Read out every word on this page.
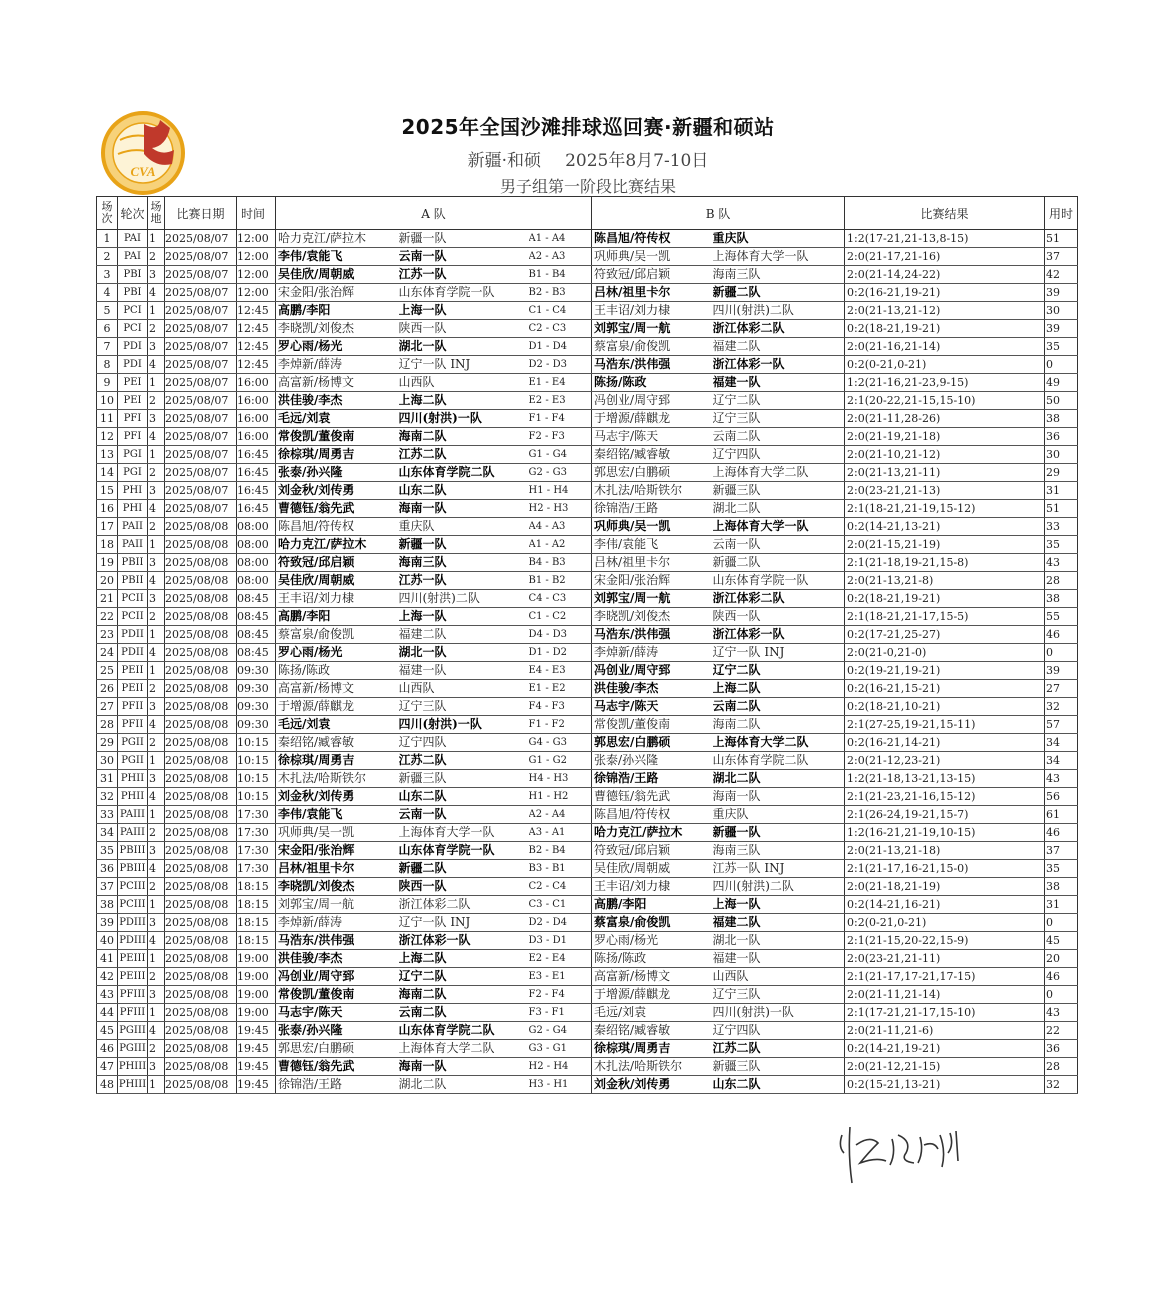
CVA
2025年全国沙滩排球巡回赛·新疆和硕站
新疆·和硕 2025年8月7-10日
男子组第一阶段比赛结果
场次	轮次	场地	比赛日期	时间	A 队			B 队		比赛结果	用时
1	PAI	1	2025/08/07	12:00	哈力克江/萨拉木	新疆一队	A1 - A4	陈昌旭/符传权	重庆队	1:2(17-21,21-13,8-15)	51
2	PAI	2	2025/08/07	12:00	李伟/袁能飞	云南一队	A2 - A3	巩师典/吴一凯	上海体育大学一队	2:0(21-17,21-16)	37
3	PBI	3	2025/08/07	12:00	吴佳欣/周朝威	江苏一队	B1 - B4	符致冠/邱启颖	海南三队	2:0(21-14,24-22)	42
4	PBI	4	2025/08/07	12:00	宋金阳/张治辉	山东体育学院一队	B2 - B3	吕林/祖里卡尔	新疆二队	0:2(16-21,19-21)	39
5	PCI	1	2025/08/07	12:45	高鹏/李阳	上海一队	C1 - C4	王丰诏/刘力棣	四川(射洪)二队	2:0(21-13,21-12)	30
6	PCI	2	2025/08/07	12:45	李晓凯/刘俊杰	陕西一队	C2 - C3	刘郭宝/周一航	浙江体彩二队	0:2(18-21,19-21)	39
7	PDI	3	2025/08/07	12:45	罗心雨/杨光	湖北一队	D1 - D4	蔡富泉/俞俊凯	福建二队	2:0(21-16,21-14)	35
8	PDI	4	2025/08/07	12:45	李焯新/薛涛	辽宁一队 INJ	D2 - D3	马浩东/洪伟强	浙江体彩一队	0:2(0-21,0-21)	0
9	PEI	1	2025/08/07	16:00	高富新/杨博文	山西队	E1 - E4	陈扬/陈政	福建一队	1:2(21-16,21-23,9-15)	49
10	PEI	2	2025/08/07	16:00	洪佳骏/李杰	上海二队	E2 - E3	冯创业/周守郅	辽宁二队	2:1(20-22,21-15,15-10)	50
11	PFI	3	2025/08/07	16:00	毛远/刘袁	四川(射洪)一队	F1 - F4	于增源/薛麒龙	辽宁三队	2:0(21-11,28-26)	38
12	PFI	4	2025/08/07	16:00	常俊凯/董俊南	海南二队	F2 - F3	马志宇/陈天	云南二队	2:0(21-19,21-18)	36
13	PGI	1	2025/08/07	16:45	徐棕琪/周勇吉	江苏二队	G1 - G4	秦绍铭/臧睿敏	辽宁四队	2:0(21-10,21-12)	30
14	PGI	2	2025/08/07	16:45	张泰/孙兴隆	山东体育学院二队	G2 - G3	郭思宏/白鹏硕	上海体育大学二队	2:0(21-13,21-11)	29
15	PHI	3	2025/08/07	16:45	刘金秋/刘传勇	山东二队	H1 - H4	木扎法/哈斯铁尔	新疆三队	2:0(23-21,21-13)	31
16	PHI	4	2025/08/07	16:45	曹德钰/翁先武	海南一队	H2 - H3	徐锦浩/王路	湖北二队	2:1(18-21,21-19,15-12)	51
17	PAII	2	2025/08/08	08:00	陈昌旭/符传权	重庆队	A4 - A3	巩师典/吴一凯	上海体育大学一队	0:2(14-21,13-21)	33
18	PAII	1	2025/08/08	08:00	哈力克江/萨拉木	新疆一队	A1 - A2	李伟/袁能飞	云南一队	2:0(21-15,21-19)	35
19	PBII	3	2025/08/08	08:00	符致冠/邱启颖	海南三队	B4 - B3	吕林/祖里卡尔	新疆二队	2:1(21-18,19-21,15-8)	43
20	PBII	4	2025/08/08	08:00	吴佳欣/周朝威	江苏一队	B1 - B2	宋金阳/张治辉	山东体育学院一队	2:0(21-13,21-8)	28
21	PCII	3	2025/08/08	08:45	王丰诏/刘力棣	四川(射洪)二队	C4 - C3	刘郭宝/周一航	浙江体彩二队	0:2(18-21,19-21)	38
22	PCII	2	2025/08/08	08:45	高鹏/李阳	上海一队	C1 - C2	李晓凯/刘俊杰	陕西一队	2:1(18-21,21-17,15-5)	55
23	PDII	1	2025/08/08	08:45	蔡富泉/俞俊凯	福建二队	D4 - D3	马浩东/洪伟强	浙江体彩一队	0:2(17-21,25-27)	46
24	PDII	4	2025/08/08	08:45	罗心雨/杨光	湖北一队	D1 - D2	李焯新/薛涛	辽宁一队 INJ	2:0(21-0,21-0)	0
25	PEII	1	2025/08/08	09:30	陈扬/陈政	福建一队	E4 - E3	冯创业/周守郅	辽宁二队	0:2(19-21,19-21)	39
26	PEII	2	2025/08/08	09:30	高富新/杨博文	山西队	E1 - E2	洪佳骏/李杰	上海二队	0:2(16-21,15-21)	27
27	PFII	3	2025/08/08	09:30	于增源/薛麒龙	辽宁三队	F4 - F3	马志宇/陈天	云南二队	0:2(18-21,10-21)	32
28	PFII	4	2025/08/08	09:30	毛远/刘袁	四川(射洪)一队	F1 - F2	常俊凯/董俊南	海南二队	2:1(27-25,19-21,15-11)	57
29	PGII	2	2025/08/08	10:15	秦绍铭/臧睿敏	辽宁四队	G4 - G3	郭思宏/白鹏硕	上海体育大学二队	0:2(16-21,14-21)	34
30	PGII	1	2025/08/08	10:15	徐棕琪/周勇吉	江苏二队	G1 - G2	张泰/孙兴隆	山东体育学院二队	2:0(21-12,23-21)	34
31	PHII	3	2025/08/08	10:15	木扎法/哈斯铁尔	新疆三队	H4 - H3	徐锦浩/王路	湖北二队	1:2(21-18,13-21,13-15)	43
32	PHII	4	2025/08/08	10:15	刘金秋/刘传勇	山东二队	H1 - H2	曹德钰/翁先武	海南一队	2:1(21-23,21-16,15-12)	56
33	PAIII	1	2025/08/08	17:30	李伟/袁能飞	云南一队	A2 - A4	陈昌旭/符传权	重庆队	2:1(26-24,19-21,15-7)	61
34	PAIII	2	2025/08/08	17:30	巩师典/吴一凯	上海体育大学一队	A3 - A1	哈力克江/萨拉木	新疆一队	1:2(16-21,21-19,10-15)	46
35	PBIII	3	2025/08/08	17:30	宋金阳/张治辉	山东体育学院一队	B2 - B4	符致冠/邱启颖	海南三队	2:0(21-13,21-18)	37
36	PBIII	4	2025/08/08	17:30	吕林/祖里卡尔	新疆二队	B3 - B1	吴佳欣/周朝威	江苏一队 INJ	2:1(21-17,16-21,15-0)	35
37	PCIII	2	2025/08/08	18:15	李晓凯/刘俊杰	陕西一队	C2 - C4	王丰诏/刘力棣	四川(射洪)二队	2:0(21-18,21-19)	38
38	PCIII	1	2025/08/08	18:15	刘郭宝/周一航	浙江体彩二队	C3 - C1	高鹏/李阳	上海一队	0:2(14-21,16-21)	31
39	PDIII	3	2025/08/08	18:15	李焯新/薛涛	辽宁一队 INJ	D2 - D4	蔡富泉/俞俊凯	福建二队	0:2(0-21,0-21)	0
40	PDIII	4	2025/08/08	18:15	马浩东/洪伟强	浙江体彩一队	D3 - D1	罗心雨/杨光	湖北一队	2:1(21-15,20-22,15-9)	45
41	PEIII	1	2025/08/08	19:00	洪佳骏/李杰	上海二队	E2 - E4	陈扬/陈政	福建一队	2:0(23-21,21-11)	20
42	PEIII	2	2025/08/08	19:00	冯创业/周守郅	辽宁二队	E3 - E1	高富新/杨博文	山西队	2:1(21-17,17-21,17-15)	46
43	PFIII	3	2025/08/08	19:00	常俊凯/董俊南	海南二队	F2 - F4	于增源/薛麒龙	辽宁三队	2:0(21-11,21-14)	0
44	PFIII	1	2025/08/08	19:00	马志宇/陈天	云南二队	F3 - F1	毛远/刘袁	四川(射洪)一队	2:1(17-21,21-17,15-10)	43
45	PGIII	4	2025/08/08	19:45	张泰/孙兴隆	山东体育学院二队	G2 - G4	秦绍铭/臧睿敏	辽宁四队	2:0(21-11,21-6)	22
46	PGIII	2	2025/08/08	19:45	郭思宏/白鹏硕	上海体育大学二队	G3 - G1	徐棕琪/周勇吉	江苏二队	0:2(14-21,19-21)	36
47	PHIII	3	2025/08/08	19:45	曹德钰/翁先武	海南一队	H2 - H4	木扎法/哈斯铁尔	新疆三队	2:0(21-12,21-15)	28
48	PHIII	1	2025/08/08	19:45	徐锦浩/王路	湖北二队	H3 - H1	刘金秋/刘传勇	山东二队	0:2(15-21,13-21)	32
